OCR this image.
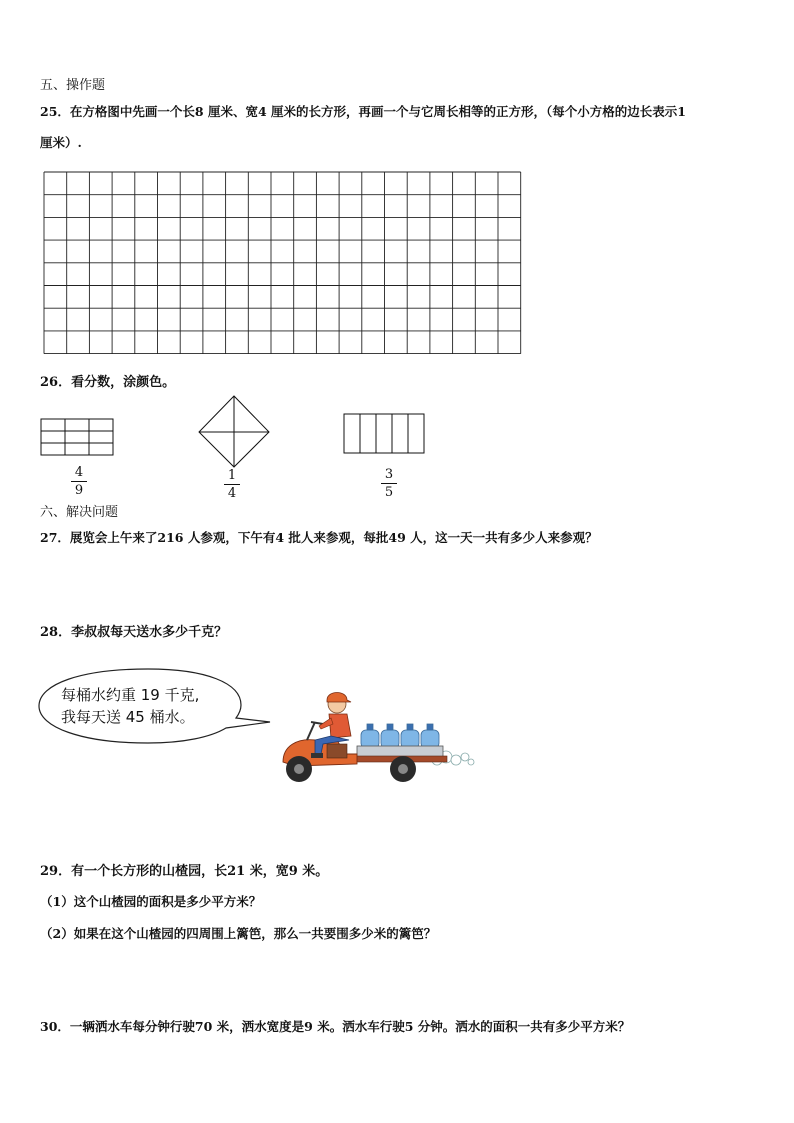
五、操作题
25．在方格图中先画一个长8 厘米、宽4 厘米的长方形，再画一个与它周长相等的正方形，（每个小方格的边长表示1
厘米）.
26．看分数，涂颜色。
4
9
1
4
3
5
六、解决问题
27．展览会上午来了216 人参观，下午有4 批人来参观，每批49 人，这一天一共有多少人来参观？
28．李叔叔每天送水多少千克？
每桶水约重 19 千克,
我每天送 45 桶水。
29．有一个长方形的山楂园，长21 米，宽9 米。
（1）这个山楂园的面积是多少平方米？
（2）如果在这个山楂园的四周围上篱笆，那么一共要围多少米的篱笆？
30．一辆洒水车每分钟行驶70 米，洒水宽度是9 米。洒水车行驶5 分钟。洒水的面积一共有多少平方米？
